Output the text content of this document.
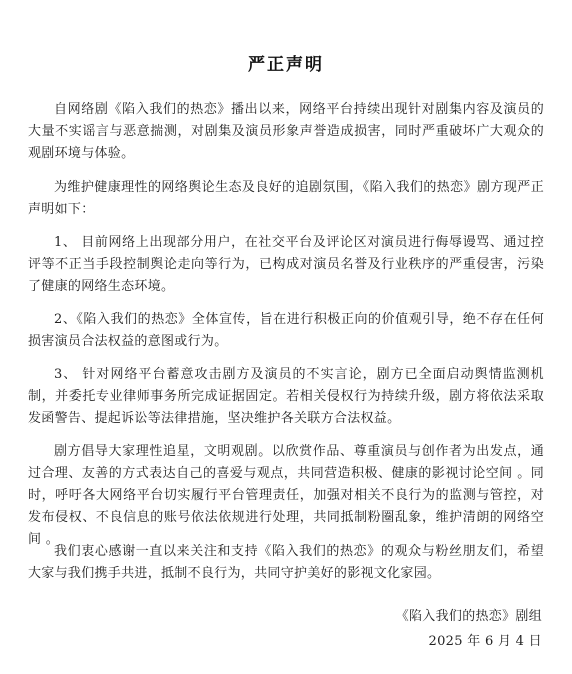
严正声明

自网络剧《陷入我们的热恋》播出以来，网络平台持续出现针对剧集内容及演员的大量不实谣言与恶意揣测，对剧集及演员形象声誉造成损害，同时严重破坏广大观众的观剧环境与体验。

为维护健康理性的网络舆论生态及良好的追剧氛围，《陷入我们的热恋》剧方现严正声明如下：

1、 目前网络上出现部分用户，在社交平台及评论区对演员进行侮辱谩骂、通过控评等不正当手段控制舆论走向等行为，已构成对演员名誉及行业秩序的严重侵害，污染了健康的网络生态环境。

2、《陷入我们的热恋》全体宣传，旨在进行积极正向的价值观引导，绝不存在任何损害演员合法权益的意图或行为。

3、 针对网络平台蓄意攻击剧方及演员的不实言论，剧方已全面启动舆情监测机制，并委托专业律师事务所完成证据固定。若相关侵权行为持续升级，剧方将依法采取发函警告、提起诉讼等法律措施，坚决维护各关联方合法权益。

剧方倡导大家理性追星，文明观剧。以欣赏作品、尊重演员与创作者为出发点，通过合理、友善的方式表达自己的喜爱与观点，共同营造积极、健康的影视讨论空间 。同时，呼吁各大网络平台切实履行平台管理责任，加强对相关不良行为的监测与管控，对发布侵权、不良信息的账号依法依规进行处理，共同抵制粉圈乱象，维护清朗的网络空间 。

我们衷心感谢一直以来关注和支持《陷入我们的热恋》的观众与粉丝朋友们，希望大家与我们携手共进，抵制不良行为，共同守护美好的影视文化家园。

《陷入我们的热恋》剧组
2025 年 6 月 4 日
